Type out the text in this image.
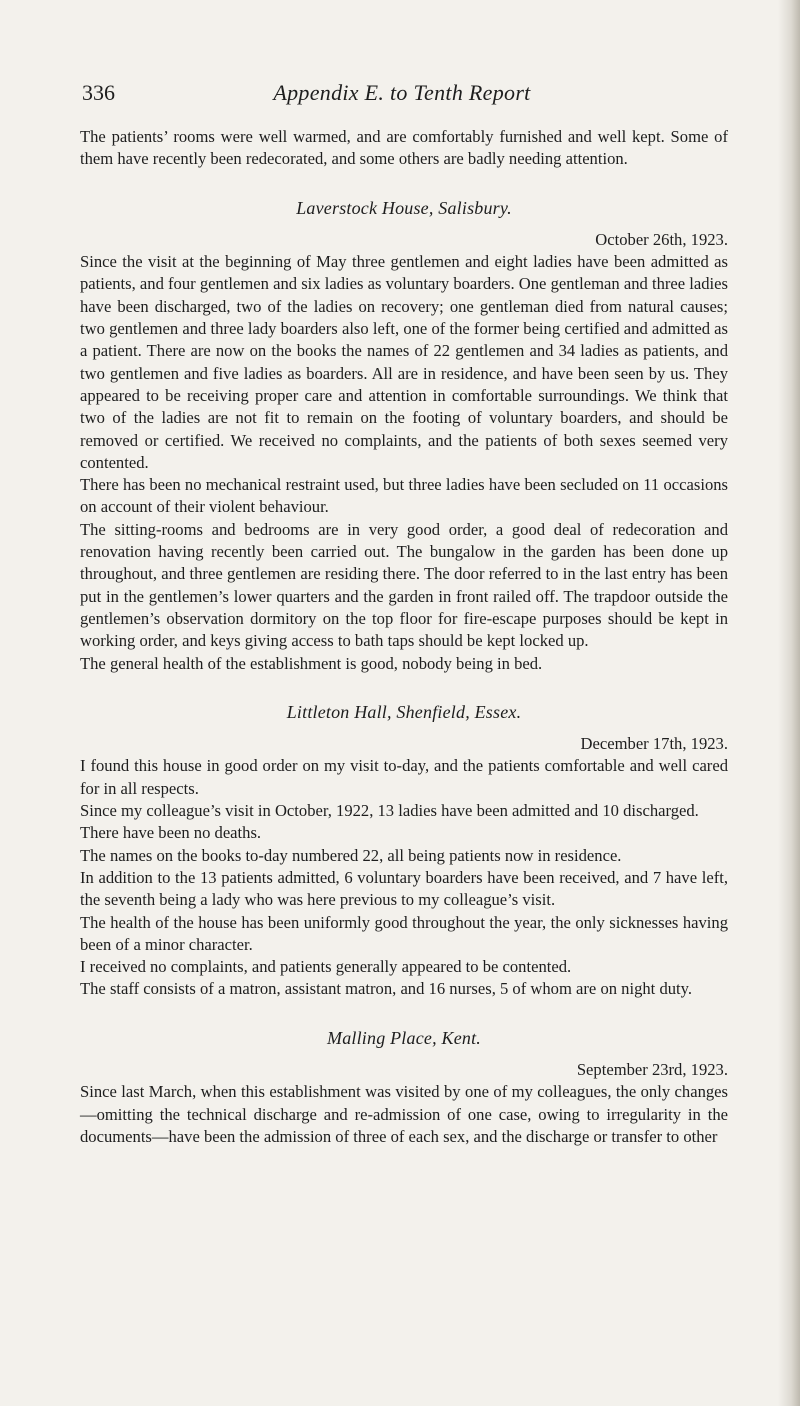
336	Appendix E. to Tenth Report

The patients’ rooms were well warmed, and are comfortably furnished and well kept. Some of them have recently been redecorated, and some others are badly needing attention.

Laverstock House, Salisbury.

October 26th, 1923.

Since the visit at the beginning of May three gentlemen and eight ladies have been admitted as patients, and four gentlemen and six ladies as voluntary boarders. One gentleman and three ladies have been discharged, two of the ladies on recovery; one gentleman died from natural causes; two gentlemen and three lady boarders also left, one of the former being certified and admitted as a patient. There are now on the books the names of 22 gentlemen and 34 ladies as patients, and two gentlemen and five ladies as boarders. All are in residence, and have been seen by us. They appeared to be receiving proper care and attention in comfortable surroundings. We think that two of the ladies are not fit to remain on the footing of voluntary boarders, and should be removed or certified. We received no complaints, and the patients of both sexes seemed very contented.

There has been no mechanical restraint used, but three ladies have been secluded on 11 occasions on account of their violent behaviour.

The sitting-rooms and bedrooms are in very good order, a good deal of redecoration and renovation having recently been carried out. The bungalow in the garden has been done up throughout, and three gentlemen are residing there. The door referred to in the last entry has been put in the gentlemen’s lower quarters and the garden in front railed off. The trapdoor outside the gentlemen’s observation dormitory on the top floor for fire-escape purposes should be kept in working order, and keys giving access to bath taps should be kept locked up.

The general health of the establishment is good, nobody being in bed.

Littleton Hall, Shenfield, Essex.

December 17th, 1923.

I found this house in good order on my visit to-day, and the patients comfortable and well cared for in all respects.

Since my colleague’s visit in October, 1922, 13 ladies have been admitted and 10 discharged.

There have been no deaths.

The names on the books to-day numbered 22, all being patients now in residence.

In addition to the 13 patients admitted, 6 voluntary boarders have been received, and 7 have left, the seventh being a lady who was here previous to my colleague’s visit.

The health of the house has been uniformly good throughout the year, the only sicknesses having been of a minor character.

I received no complaints, and patients generally appeared to be contented.

The staff consists of a matron, assistant matron, and 16 nurses, 5 of whom are on night duty.

Malling Place, Kent.

September 23rd, 1923.

Since last March, when this establishment was visited by one of my colleagues, the only changes—omitting the technical discharge and re-admission of one case, owing to irregularity in the documents—have been the admission of three of each sex, and the discharge or transfer to other
